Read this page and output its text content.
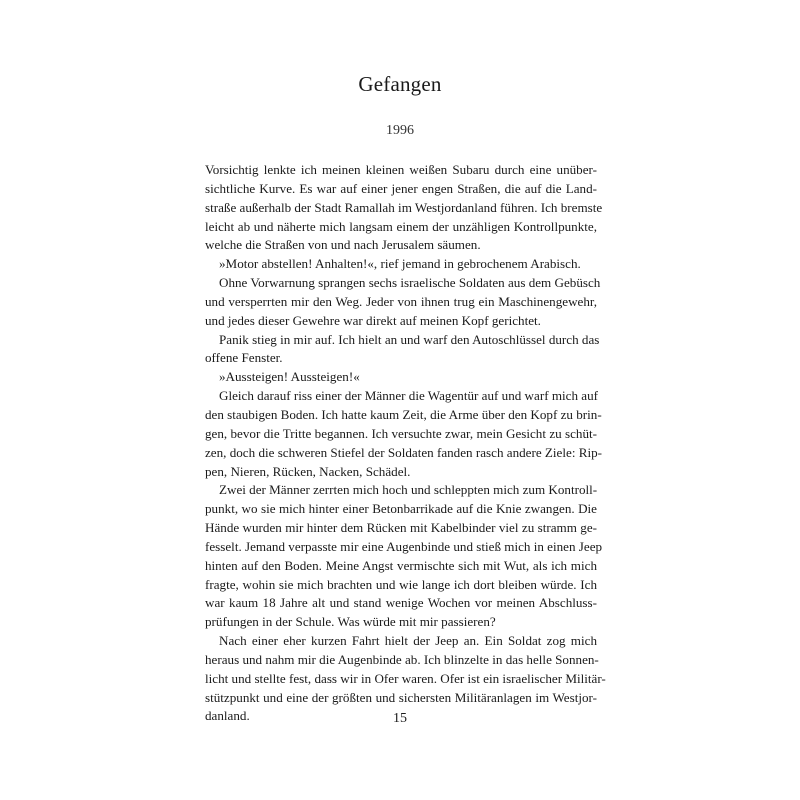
Gefangen
1996
Vorsichtig lenkte ich meinen kleinen weißen Subaru durch eine unüber-
sichtliche Kurve. Es war auf einer jener engen Straßen, die auf die Land-
straße außerhalb der Stadt Ramallah im Westjordanland führen. Ich bremste
leicht ab und näherte mich langsam einem der unzähligen Kontrollpunkte,
welche die Straßen von und nach Jerusalem säumen.
»Motor abstellen! Anhalten!«, rief jemand in gebrochenem Arabisch.
Ohne Vorwarnung sprangen sechs israelische Soldaten aus dem Gebüsch
und versperrten mir den Weg. Jeder von ihnen trug ein Maschinengewehr,
und jedes dieser Gewehre war direkt auf meinen Kopf gerichtet.
Panik stieg in mir auf. Ich hielt an und warf den Autoschlüssel durch das
offene Fenster.
»Aussteigen! Aussteigen!«
Gleich darauf riss einer der Männer die Wagentür auf und warf mich auf
den staubigen Boden. Ich hatte kaum Zeit, die Arme über den Kopf zu brin-
gen, bevor die Tritte begannen. Ich versuchte zwar, mein Gesicht zu schüt-
zen, doch die schweren Stiefel der Soldaten fanden rasch andere Ziele: Rip-
pen, Nieren, Rücken, Nacken, Schädel.
Zwei der Männer zerrten mich hoch und schleppten mich zum Kontroll-
punkt, wo sie mich hinter einer Betonbarrikade auf die Knie zwangen. Die
Hände wurden mir hinter dem Rücken mit Kabelbinder viel zu stramm ge-
fesselt. Jemand verpasste mir eine Augenbinde und stieß mich in einen Jeep
hinten auf den Boden. Meine Angst vermischte sich mit Wut, als ich mich
fragte, wohin sie mich brachten und wie lange ich dort bleiben würde. Ich
war kaum 18 Jahre alt und stand wenige Wochen vor meinen Abschluss-
prüfungen in der Schule. Was würde mit mir passieren?
Nach einer eher kurzen Fahrt hielt der Jeep an. Ein Soldat zog mich
heraus und nahm mir die Augenbinde ab. Ich blinzelte in das helle Sonnen-
licht und stellte fest, dass wir in Ofer waren. Ofer ist ein israelischer Militär-
stützpunkt und eine der größten und sichersten Militäranlagen im Westjor-
danland.	15
